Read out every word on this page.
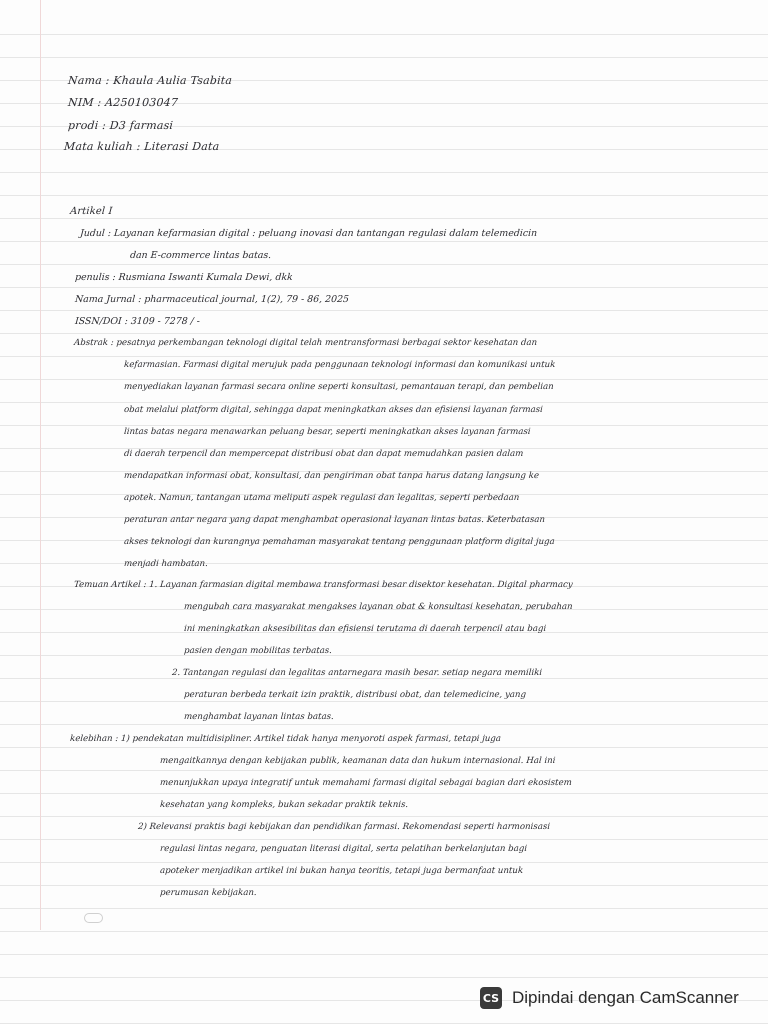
Nama : Khaula Aulia Tsabita
NIM : A250103047
prodi : D3 farmasi
Mata kuliah : Literasi Data
Artikel I
Judul : Layanan kefarmasian digital : peluang inovasi dan tantangan regulasi dalam telemedicin
dan E-commerce lintas batas.
penulis : Rusmiana Iswanti Kumala Dewi, dkk
Nama Jurnal : pharmaceutical journal, 1(2), 79 - 86, 2025
ISSN/DOI : 3109 - 7278 / -
Abstrak : pesatnya perkembangan teknologi digital telah mentransformasi berbagai sektor kesehatan dan
kefarmasian. Farmasi digital merujuk pada penggunaan teknologi informasi dan komunikasi untuk
menyediakan layanan farmasi secara online seperti konsultasi, pemantauan terapi, dan pembelian
obat melalui platform digital, sehingga dapat meningkatkan akses dan efisiensi layanan farmasi
lintas batas negara menawarkan peluang besar, seperti meningkatkan akses layanan farmasi
di daerah terpencil dan mempercepat distribusi obat dan dapat memudahkan pasien dalam
mendapatkan informasi obat, konsultasi, dan pengiriman obat tanpa harus datang langsung ke
apotek. Namun, tantangan utama meliputi aspek regulasi dan legalitas, seperti perbedaan
peraturan antar negara yang dapat menghambat operasional layanan lintas batas. Keterbatasan
akses teknologi dan kurangnya pemahaman masyarakat tentang penggunaan platform digital juga
menjadi hambatan.
Temuan Artikel : 1. Layanan farmasian digital membawa transformasi besar disektor kesehatan. Digital pharmacy
mengubah cara masyarakat mengakses layanan obat & konsultasi kesehatan, perubahan
ini meningkatkan aksesibilitas dan efisiensi terutama di daerah terpencil atau bagi
pasien dengan mobilitas terbatas.
2. Tantangan regulasi dan legalitas antarnegara masih besar. setiap negara memiliki
peraturan berbeda terkait izin praktik, distribusi obat, dan telemedicine, yang
menghambat layanan lintas batas.
kelebihan : 1) pendekatan multidisipliner. Artikel tidak hanya menyoroti aspek farmasi, tetapi juga
mengaitkannya dengan kebijakan publik, keamanan data dan hukum internasional. Hal ini
menunjukkan upaya integratif untuk memahami farmasi digital sebagai bagian dari ekosistem
kesehatan yang kompleks, bukan sekadar praktik teknis.
2) Relevansi praktis bagi kebijakan dan pendidikan farmasi. Rekomendasi seperti harmonisasi
regulasi lintas negara, penguatan literasi digital, serta pelatihan berkelanjutan bagi
apoteker menjadikan artikel ini bukan hanya teoritis, tetapi juga bermanfaat untuk
perumusan kebijakan.

CS Dipindai dengan CamScanner
